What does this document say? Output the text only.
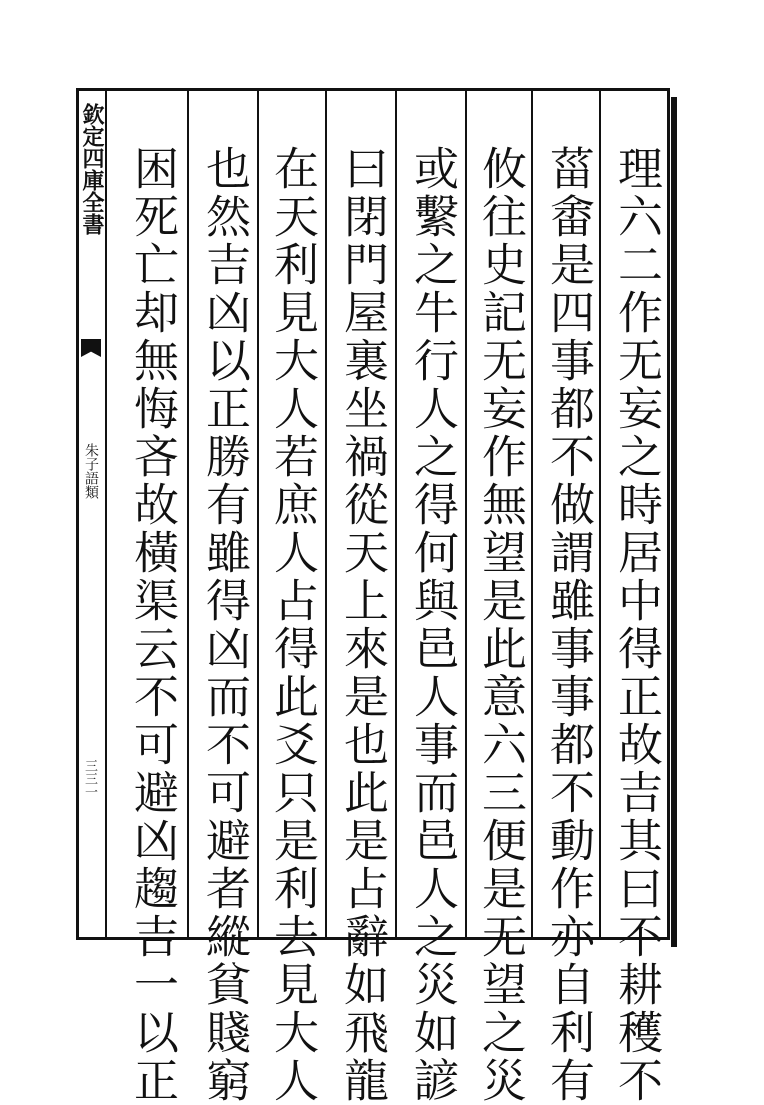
欽定四庫全書
朱子語類
三三一	理六二作无妄之時居中得正故吉其曰不耕穫不
菑畬是四事都不做謂雖事事都不動作亦自利有
攸往史記无妄作無望是此意六三便是无望之災
或繫之牛行人之得何與邑人事而邑人之災如諺
曰閉門屋裏坐禍從天上來是也此是占辭如飛龍
在天利見大人若庶人占得此爻只是利去見大人
也然吉凶以正勝有雖得凶而不可避者縱貧賤窮
困死亡却無悔吝故橫渠云不可避凶趨吉一以正
